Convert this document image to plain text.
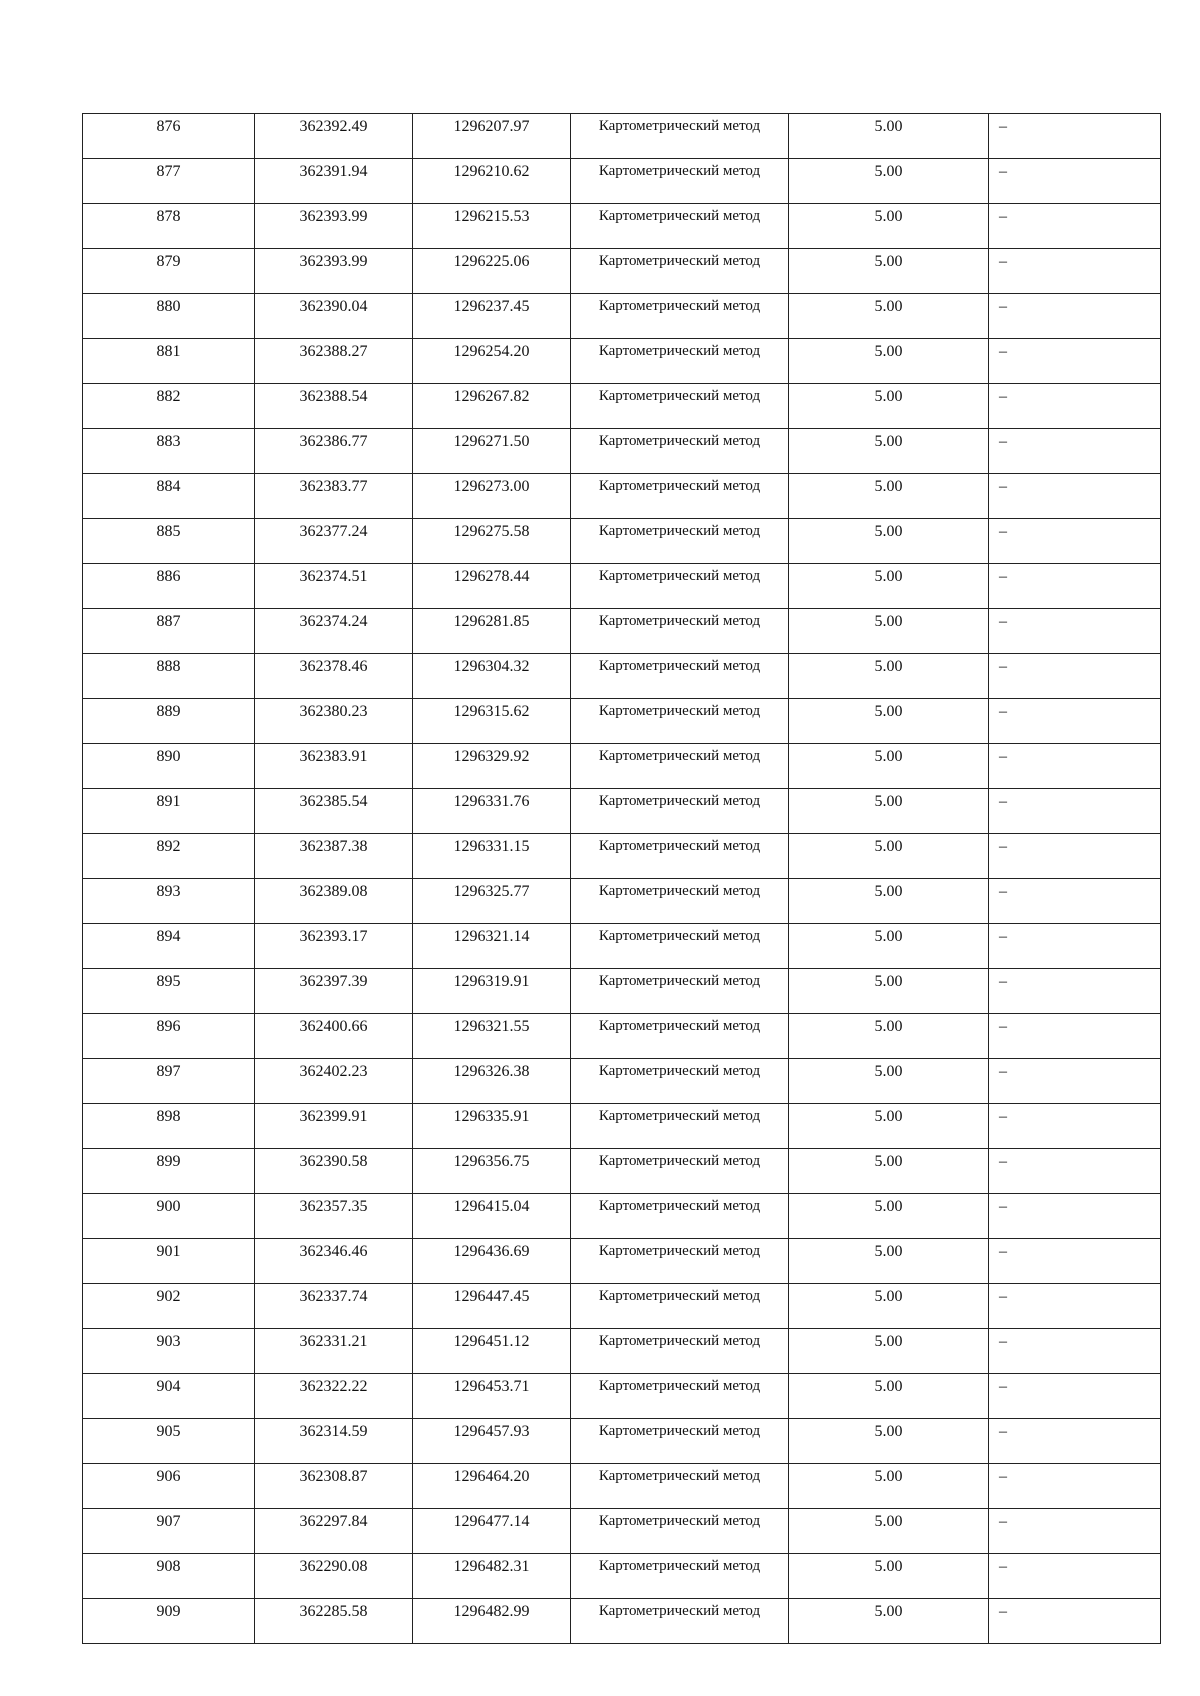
876	362392.49	1296207.97	Картометрический метод	5.00	–
877	362391.94	1296210.62	Картометрический метод	5.00	–
878	362393.99	1296215.53	Картометрический метод	5.00	–
879	362393.99	1296225.06	Картометрический метод	5.00	–
880	362390.04	1296237.45	Картометрический метод	5.00	–
881	362388.27	1296254.20	Картометрический метод	5.00	–
882	362388.54	1296267.82	Картометрический метод	5.00	–
883	362386.77	1296271.50	Картометрический метод	5.00	–
884	362383.77	1296273.00	Картометрический метод	5.00	–
885	362377.24	1296275.58	Картометрический метод	5.00	–
886	362374.51	1296278.44	Картометрический метод	5.00	–
887	362374.24	1296281.85	Картометрический метод	5.00	–
888	362378.46	1296304.32	Картометрический метод	5.00	–
889	362380.23	1296315.62	Картометрический метод	5.00	–
890	362383.91	1296329.92	Картометрический метод	5.00	–
891	362385.54	1296331.76	Картометрический метод	5.00	–
892	362387.38	1296331.15	Картометрический метод	5.00	–
893	362389.08	1296325.77	Картометрический метод	5.00	–
894	362393.17	1296321.14	Картометрический метод	5.00	–
895	362397.39	1296319.91	Картометрический метод	5.00	–
896	362400.66	1296321.55	Картометрический метод	5.00	–
897	362402.23	1296326.38	Картометрический метод	5.00	–
898	362399.91	1296335.91	Картометрический метод	5.00	–
899	362390.58	1296356.75	Картометрический метод	5.00	–
900	362357.35	1296415.04	Картометрический метод	5.00	–
901	362346.46	1296436.69	Картометрический метод	5.00	–
902	362337.74	1296447.45	Картометрический метод	5.00	–
903	362331.21	1296451.12	Картометрический метод	5.00	–
904	362322.22	1296453.71	Картометрический метод	5.00	–
905	362314.59	1296457.93	Картометрический метод	5.00	–
906	362308.87	1296464.20	Картометрический метод	5.00	–
907	362297.84	1296477.14	Картометрический метод	5.00	–
908	362290.08	1296482.31	Картометрический метод	5.00	–
909	362285.58	1296482.99	Картометрический метод	5.00	–
